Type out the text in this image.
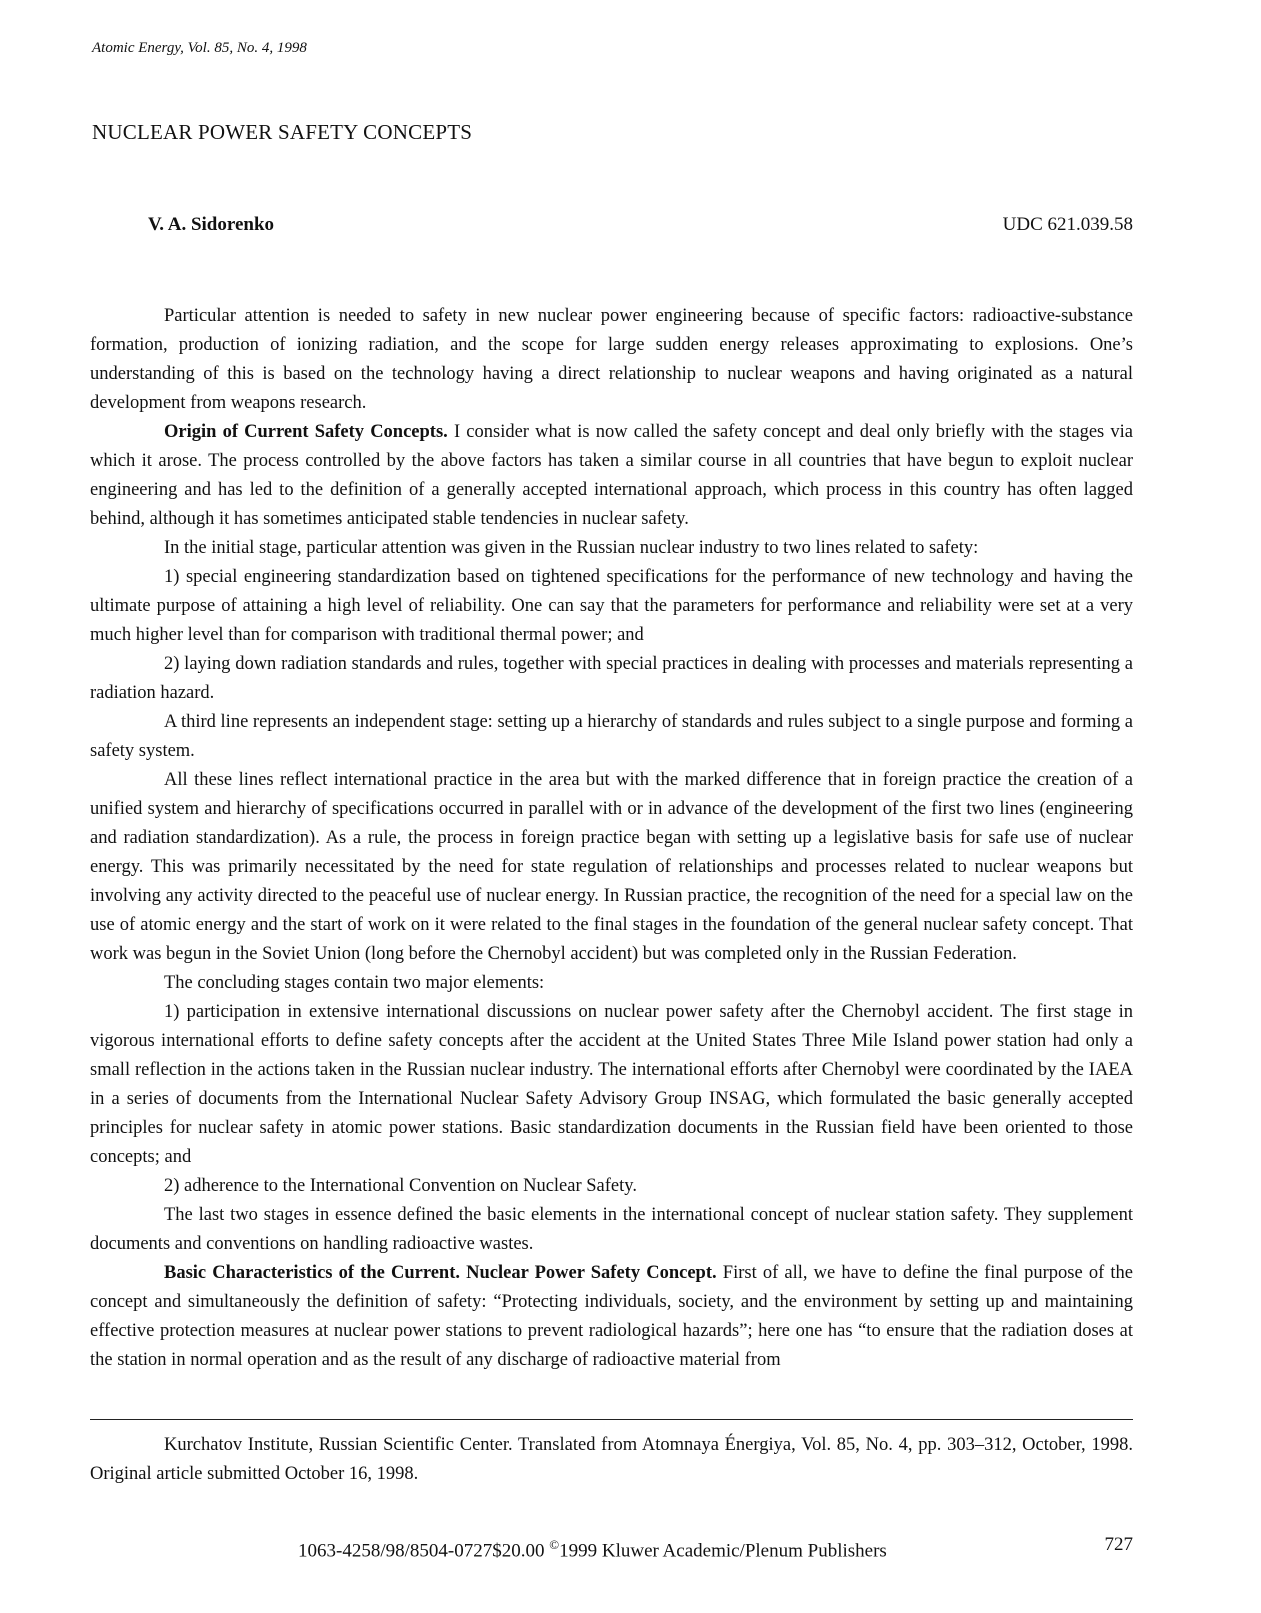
Atomic Energy, Vol. 85, No. 4, 1998
NUCLEAR POWER SAFETY CONCEPTS
V. A. Sidorenko	UDC 621.039.58

Particular attention is needed to safety in new nuclear power engineering because of specific factors: radioactive-substance formation, production of ionizing radiation, and the scope for large sudden energy releases approximating to explosions. One’s understanding of this is based on the technology having a direct relationship to nuclear weapons and having originated as a natural development from weapons research.

Origin of Current Safety Concepts. I consider what is now called the safety concept and deal only briefly with the stages via which it arose. The process controlled by the above factors has taken a similar course in all countries that have begun to exploit nuclear engineering and has led to the definition of a generally accepted international approach, which process in this country has often lagged behind, although it has sometimes anticipated stable tendencies in nuclear safety.

In the initial stage, particular attention was given in the Russian nuclear industry to two lines related to safety:

1) special engineering standardization based on tightened specifications for the performance of new technology and having the ultimate purpose of attaining a high level of reliability. One can say that the parameters for performance and reliability were set at a very much higher level than for comparison with traditional thermal power; and

2) laying down radiation standards and rules, together with special practices in dealing with processes and materials representing a radiation hazard.

A third line represents an independent stage: setting up a hierarchy of standards and rules subject to a single purpose and forming a safety system.

All these lines reflect international practice in the area but with the marked difference that in foreign practice the creation of a unified system and hierarchy of specifications occurred in parallel with or in advance of the development of the first two lines (engineering and radiation standardization). As a rule, the process in foreign practice began with setting up a legislative basis for safe use of nuclear energy. This was primarily necessitated by the need for state regulation of relationships and processes related to nuclear weapons but involving any activity directed to the peaceful use of nuclear energy. In Russian practice, the recognition of the need for a special law on the use of atomic energy and the start of work on it were related to the final stages in the foundation of the general nuclear safety concept. That work was begun in the Soviet Union (long before the Chernobyl accident) but was completed only in the Russian Federation.

The concluding stages contain two major elements:

1) participation in extensive international discussions on nuclear power safety after the Chernobyl accident. The first stage in vigorous international efforts to define safety concepts after the accident at the United States Three Mile Island power station had only a small reflection in the actions taken in the Russian nuclear industry. The international efforts after Chernobyl were coordinated by the IAEA in a series of documents from the International Nuclear Safety Advisory Group INSAG, which formulated the basic generally accepted principles for nuclear safety in atomic power stations. Basic standardization documents in the Russian field have been oriented to those concepts; and

2) adherence to the International Convention on Nuclear Safety.

The last two stages in essence defined the basic elements in the international concept of nuclear station safety. They supplement documents and conventions on handling radioactive wastes.

Basic Characteristics of the Current. Nuclear Power Safety Concept. First of all, we have to define the final purpose of the concept and simultaneously the definition of safety: “Protecting individuals, society, and the environment by setting up and maintaining effective protection measures at nuclear power stations to prevent radiological hazards”; here one has “to ensure that the radiation doses at the station in normal operation and as the result of any discharge of radioactive material from

Kurchatov Institute, Russian Scientific Center. Translated from Atomnaya Énergiya, Vol. 85, No. 4, pp. 303–312, October, 1998. Original article submitted October 16, 1998.

1063-4258/98/8504-0727$20.00 ©1999 Kluwer Academic/Plenum Publishers	727
